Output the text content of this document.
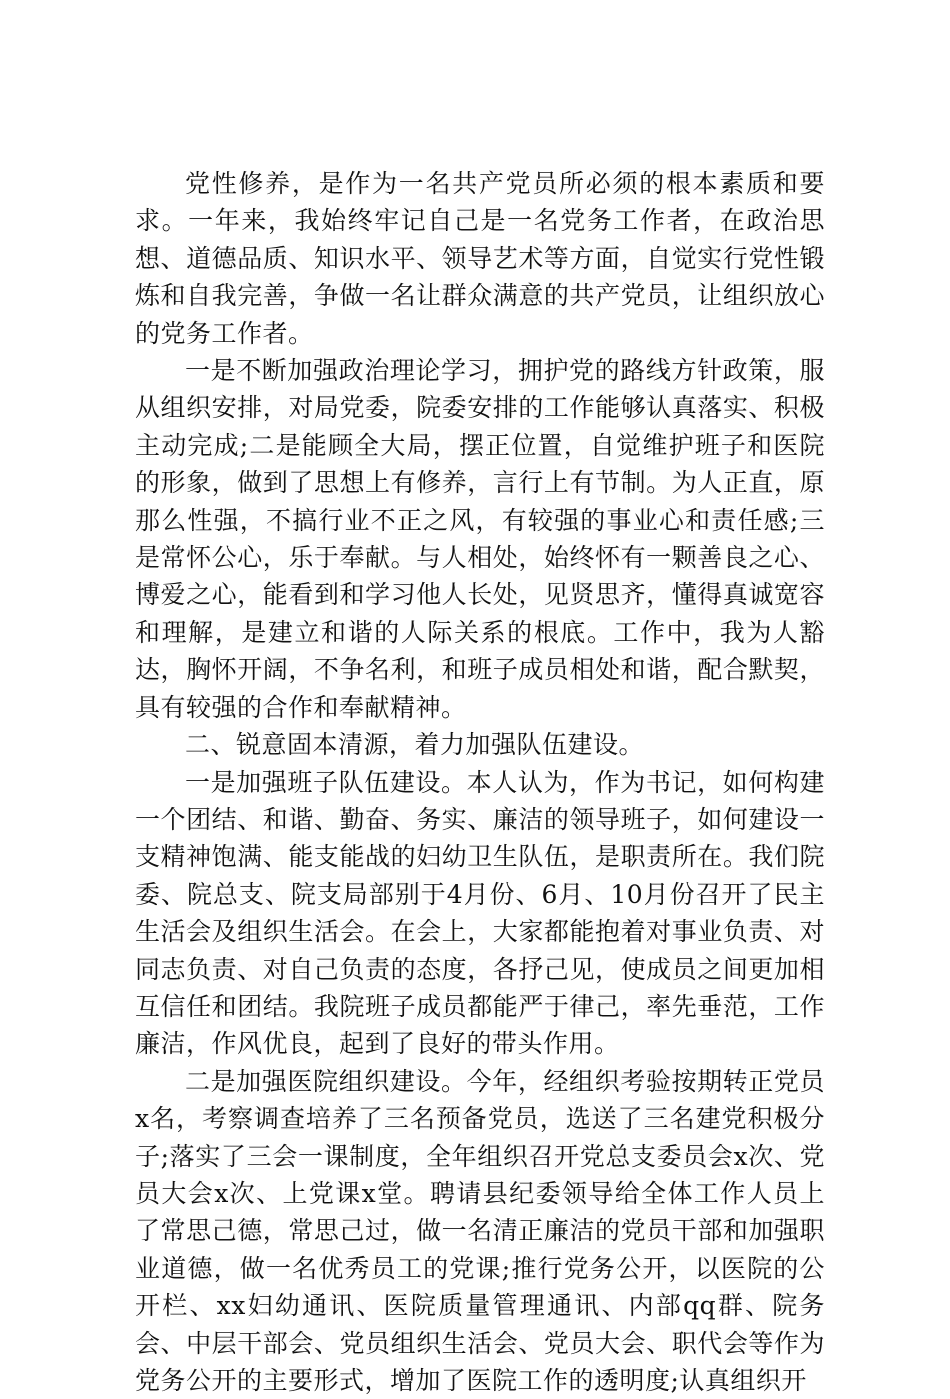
党性修养，是作为一名共产党员所必须的根本素质和要求。一年来，我始终牢记自己是一名党务工作者，在政治思想、道德品质、知识水平、领导艺术等方面，自觉实行党性锻炼和自我完善，争做一名让群众满意的共产党员，让组织放心的党务工作者。

一是不断加强政治理论学习，拥护党的路线方针政策，服从组织安排，对局党委，院委安排的工作能够认真落实、积极主动完成;二是能顾全大局，摆正位置，自觉维护班子和医院的形象，做到了思想上有修养，言行上有节制。为人正直，原那么性强，不搞行业不正之风，有较强的事业心和责任感;三是常怀公心，乐于奉献。与人相处，始终怀有一颗善良之心、博爱之心，能看到和学习他人长处，见贤思齐，懂得真诚宽容和理解，是建立和谐的人际关系的根底。工作中，我为人豁达，胸怀开阔，不争名利，和班子成员相处和谐，配合默契，具有较强的合作和奉献精神。

二、锐意固本清源，着力加强队伍建设。

一是加强班子队伍建设。本人认为，作为书记，如何构建一个团结、和谐、勤奋、务实、廉洁的领导班子，如何建设一支精神饱满、能支能战的妇幼卫生队伍，是职责所在。我们院委、院总支、院支局部别于4月份、6月、10月份召开了民主生活会及组织生活会。在会上，大家都能抱着对事业负责、对同志负责、对自己负责的态度，各抒己见，使成员之间更加相互信任和团结。我院班子成员都能严于律己，率先垂范，工作廉洁，作风优良，起到了良好的带头作用。

二是加强医院组织建设。今年，经组织考验按期转正党员x名，考察调查培养了三名预备党员，选送了三名建党积极分子;落实了三会一课制度，全年组织召开党总支委员会x次、党员大会x次、上党课x堂。聘请县纪委领导给全体工作人员上了常思己德，常思己过，做一名清正廉洁的党员干部和加强职业道德，做一名优秀员工的党课;推行党务公开，以医院的公开栏、xx妇幼通讯、医院质量管理通讯、内部qq群、院务会、中层干部会、党员组织生活会、党员大会、职代会等作为党务公开的主要形式，增加了医院工作的透明度;认真组织开
